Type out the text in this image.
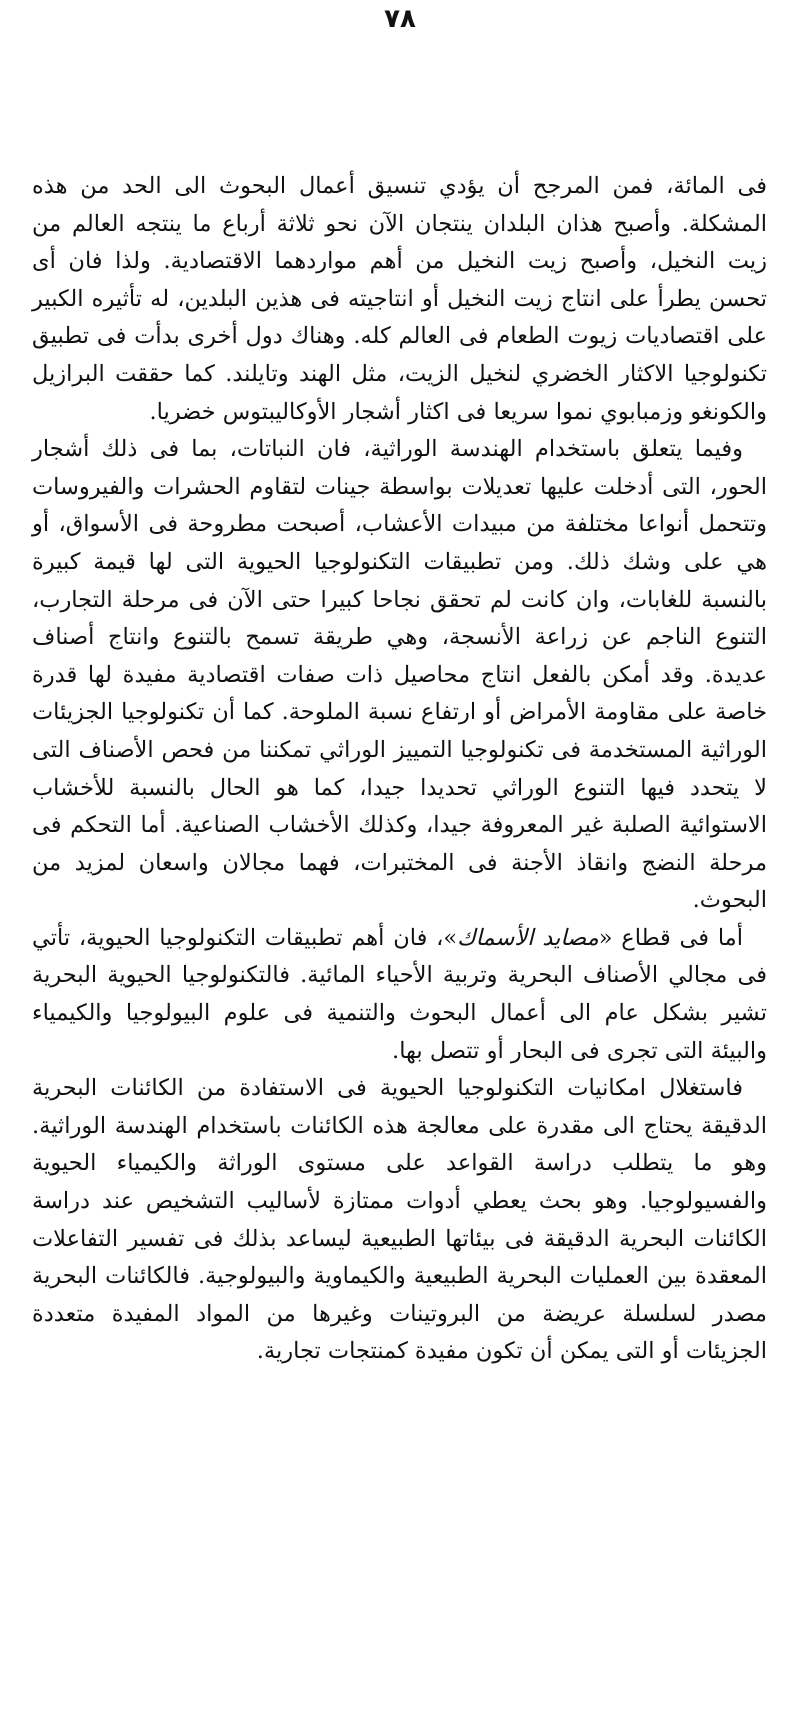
٧٨

فى المائة، فمن المرجح أن يؤدي تنسيق أعمال البحوث الى الحد من هذه المشكلة. وأصبح هذان البلدان ينتجان الآن نحو ثلاثة أرباع ما ينتجه العالم من زيت النخيل، وأصبح زيت النخيل من أهم مواردهما الاقتصادية. ولذا فان أى تحسن يطرأ على انتاج زيت النخيل أو انتاجيته فى هذين البلدين، له تأثيره الكبير على اقتصاديات زيوت الطعام فى العالم كله. وهناك دول أخرى بدأت فى تطبيق تكنولوجيا الاكثار الخضري لنخيل الزيت، مثل الهند وتايلند. كما حققت البرازيل والكونغو وزمبابوي نموا سريعا فى اكثار أشجار الأوكاليبتوس خضريا.

وفيما يتعلق باستخدام الهندسة الوراثية، فان النباتات، بما فى ذلك أشجار الحور، التى أدخلت عليها تعديلات بواسطة جينات لتقاوم الحشرات والفيروسات وتتحمل أنواعا مختلفة من مبيدات الأعشاب، أصبحت مطروحة فى الأسواق، أو هي على وشك ذلك. ومن تطبيقات التكنولوجيا الحيوية التى لها قيمة كبيرة بالنسبة للغابات، وان كانت لم تحقق نجاحا كبيرا حتى الآن فى مرحلة التجارب، التنوع الناجم عن زراعة الأنسجة، وهي طريقة تسمح بالتنوع وانتاج أصناف عديدة. وقد أمكن بالفعل انتاج محاصيل ذات صفات اقتصادية مفيدة لها قدرة خاصة على مقاومة الأمراض أو ارتفاع نسبة الملوحة. كما أن تكنولوجيا الجزيئات الوراثية المستخدمة فى تكنولوجيا التمييز الوراثي تمكننا من فحص الأصناف التى لا يتحدد فيها التنوع الوراثي تحديدا جيدا، كما هو الحال بالنسبة للأخشاب الاستوائية الصلبة غير المعروفة جيدا، وكذلك الأخشاب الصناعية. أما التحكم فى مرحلة النضج وانقاذ الأجنة فى المختبرات، فهما مجالان واسعان لمزيد من البحوث.

أما فى قطاع «مصايد الأسماك»، فان أهم تطبيقات التكنولوجيا الحيوية، تأتي فى مجالي الأصناف البحرية وتربية الأحياء المائية. فالتكنولوجيا الحيوية البحرية تشير بشكل عام الى أعمال البحوث والتنمية فى علوم البيولوجيا والكيمياء والبيئة التى تجرى فى البحار أو تتصل بها.

فاستغلال امكانيات التكنولوجيا الحيوية فى الاستفادة من الكائنات البحرية الدقيقة يحتاج الى مقدرة على معالجة هذه الكائنات باستخدام الهندسة الوراثية. وهو ما يتطلب دراسة القواعد على مستوى الوراثة والكيمياء الحيوية والفسيولوجيا. وهو بحث يعطي أدوات ممتازة لأساليب التشخيص عند دراسة الكائنات البحرية الدقيقة فى بيئاتها الطبيعية ليساعد بذلك فى تفسير التفاعلات المعقدة بين العمليات البحرية الطبيعية والكيماوية والبيولوجية. فالكائنات البحرية مصدر لسلسلة عريضة من البروتينات وغيرها من المواد المفيدة متعددة الجزيئات أو التى يمكن أن تكون مفيدة كمنتجات تجارية.
